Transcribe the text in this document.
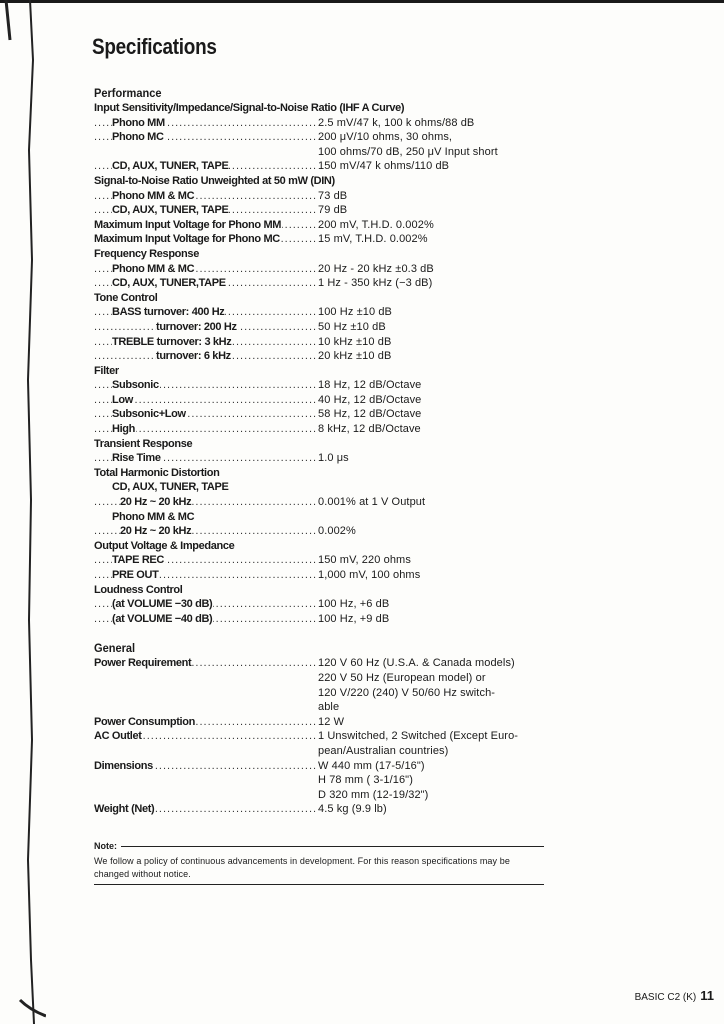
Specifications
Performance
Input Sensitivity/Impedance/Signal-to-Noise Ratio (IHF A Curve)
Phono MM .....	2.5 mV/47 k, 100 k ohms/88 dB
Phono MC .....	200 μV/10 ohms, 30 ohms,
100 ohms/70 dB, 250 μV Input short
CD, AUX, TUNER, TAPE .....	150 mV/47 k ohms/110 dB
Signal-to-Noise Ratio Unweighted at 50 mW (DIN)
Phono MM & MC .....	73 dB
CD, AUX, TUNER, TAPE .....	79 dB
Maximum Input Voltage for Phono MM .....	200 mV, T.H.D. 0.002%
Maximum Input Voltage for Phono MC .....	15 mV, T.H.D. 0.002%
Frequency Response
Phono MM & MC .....	20 Hz - 20 kHz ±0.3 dB
CD, AUX, TUNER,TAPE .....	1 Hz - 350 kHz (−3 dB)
Tone Control
BASS turnover: 400 Hz .....	100 Hz ±10 dB
turnover: 200 Hz .....	50 Hz ±10 dB
TREBLE turnover: 3 kHz .....	10 kHz ±10 dB
turnover: 6 kHz .....	20 kHz ±10 dB
Filter
Subsonic .....	18 Hz, 12 dB/Octave
Low .....	40 Hz, 12 dB/Octave
Subsonic+Low .....	58 Hz, 12 dB/Octave
High .....	8 kHz, 12 dB/Octave
Transient Response
Rise Time .....	1.0 μs
Total Harmonic Distortion
CD, AUX, TUNER, TAPE
20 Hz ~ 20 kHz .....	0.001% at 1 V Output
Phono MM & MC
20 Hz ~ 20 kHz .....	0.002%
Output Voltage & Impedance
TAPE REC .....	150 mV, 220 ohms
PRE OUT .....	1,000 mV, 100 ohms
Loudness Control
(at VOLUME −30 dB) .....	100 Hz, +6 dB
(at VOLUME −40 dB) .....	100 Hz, +9 dB
General
Power Requirement .....	120 V 60 Hz (U.S.A. & Canada models)
220 V 50 Hz (European model) or
120 V/220 (240) V 50/60 Hz switch-
able
Power Consumption .....	12 W
AC Outlet .....	1 Unswitched, 2 Switched (Except Euro-
pean/Australian countries)
Dimensions .....	W 440 mm (17-5/16")
H 78 mm ( 3-1/16")
D 320 mm (12-19/32")
Weight (Net) .....	4.5 kg (9.9 lb)
Note:
We follow a policy of continuous advancements in development. For this reason specifications may be changed without notice.
BASIC C2 (K) 11
